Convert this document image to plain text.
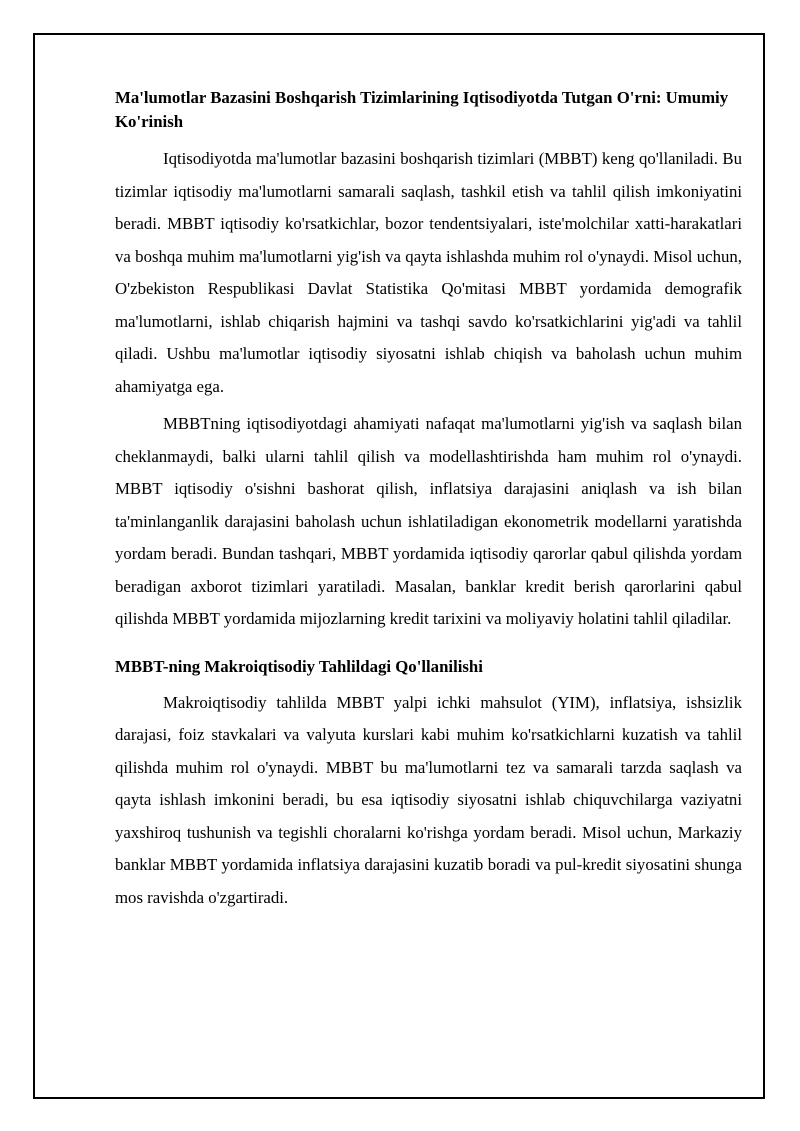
Ma'lumotlar Bazasini Boshqarish Tizimlarining Iqtisodiyotda Tutgan O'rni: Umumiy Ko'rinish

Iqtisodiyotda ma'lumotlar bazasini boshqarish tizimlari (MBBT) keng qo'llaniladi. Bu tizimlar iqtisodiy ma'lumotlarni samarali saqlash, tashkil etish va tahlil qilish imkoniyatini beradi. MBBT iqtisodiy ko'rsatkichlar, bozor tendentsiyalari, iste'molchilar xatti-harakatlari va boshqa muhim ma'lumotlarni yig'ish va qayta ishlashda muhim rol o'ynaydi. Misol uchun, O'zbekiston Respublikasi Davlat Statistika Qo'mitasi MBBT yordamida demografik ma'lumotlarni, ishlab chiqarish hajmini va tashqi savdo ko'rsatkichlarini yig'adi va tahlil qiladi. Ushbu ma'lumotlar iqtisodiy siyosatni ishlab chiqish va baholash uchun muhim ahamiyatga ega.

MBBTning iqtisodiyotdagi ahamiyati nafaqat ma'lumotlarni yig'ish va saqlash bilan cheklanmaydi, balki ularni tahlil qilish va modellashtirishda ham muhim rol o'ynaydi. MBBT iqtisodiy o'sishni bashorat qilish, inflatsiya darajasini aniqlash va ish bilan ta'minlanganlik darajasini baholash uchun ishlatiladigan ekonometrik modellarni yaratishda yordam beradi. Bundan tashqari, MBBT yordamida iqtisodiy qarorlar qabul qilishda yordam beradigan axborot tizimlari yaratiladi. Masalan, banklar kredit berish qarorlarini qabul qilishda MBBT yordamida mijozlarning kredit tarixini va moliyaviy holatini tahlil qiladilar.

MBBT-ning Makroiqtisodiy Tahlildagi Qo'llanilishi

Makroiqtisodiy tahlilda MBBT yalpi ichki mahsulot (YIM), inflatsiya, ishsizlik darajasi, foiz stavkalari va valyuta kurslari kabi muhim ko'rsatkichlarni kuzatish va tahlil qilishda muhim rol o'ynaydi. MBBT bu ma'lumotlarni tez va samarali tarzda saqlash va qayta ishlash imkonini beradi, bu esa iqtisodiy siyosatni ishlab chiquvchilarga vaziyatni yaxshiroq tushunish va tegishli choralarni ko'rishga yordam beradi. Misol uchun, Markaziy banklar MBBT yordamida inflatsiya darajasini kuzatib boradi va pul-kredit siyosatini shunga mos ravishda o'zgartiradi.
